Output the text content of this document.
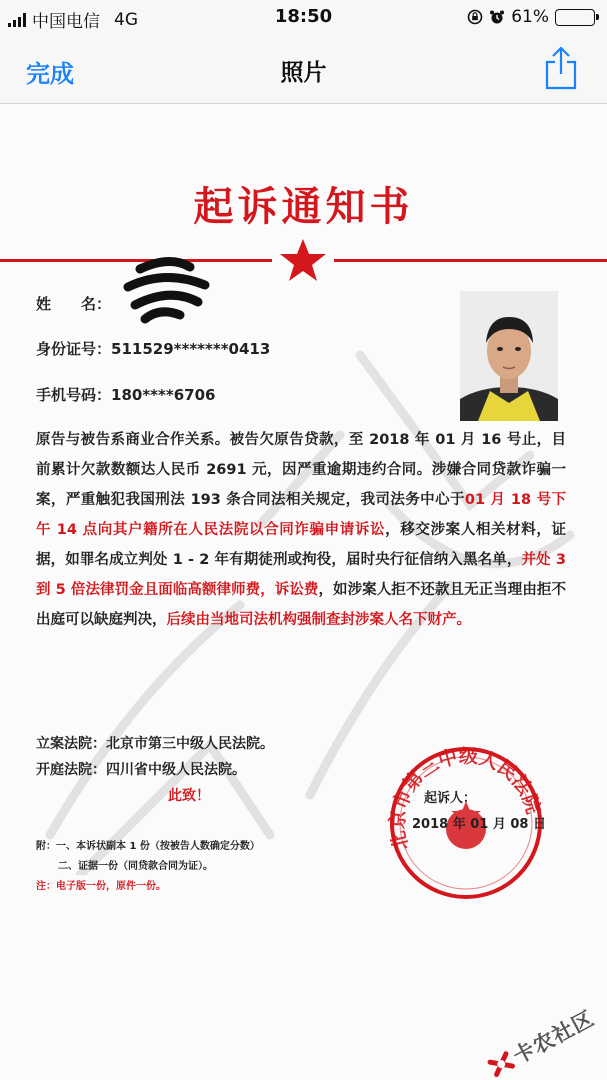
中国电信 4G	18:50	61%
完成	照片
起诉通知书
姓　　名：
身份证号：511529*******0413
手机号码：180****6706
原告与被告系商业合作关系。被告欠原告贷款，至 2018 年 01 月 16 号止，目前累计欠款数额达人民币 2691 元，因严重逾期违约合同。涉嫌合同贷款诈骗一案，严重触犯我国刑法 193 条合同法相关规定，我司法务中心于01 月 18 号下午 14 点向其户籍所在人民法院以合同诈骗申请诉讼，移交涉案人相关材料，证据，如罪名成立判处 1 - 2 年有期徒刑或拘役，届时央行征信纳入黑名单，并处 3 到 5 倍法律罚金且面临高额律师费，诉讼费，如涉案人拒不还款且无正当理由拒不出庭可以缺庭判决，后续由当地司法机构强制查封涉案人名下财产。
立案法院：北京市第三中级人民法院。
开庭法院：四川省中级人民法院。
此致！
北京市第三中级人民法院
起诉人：
2018 年 01 月 08 日
附：一、本诉状副本 1 份（按被告人数确定分数）
二、证据一份（同贷款合同为证）。
注：电子版一份，原件一份。
卡农社区
